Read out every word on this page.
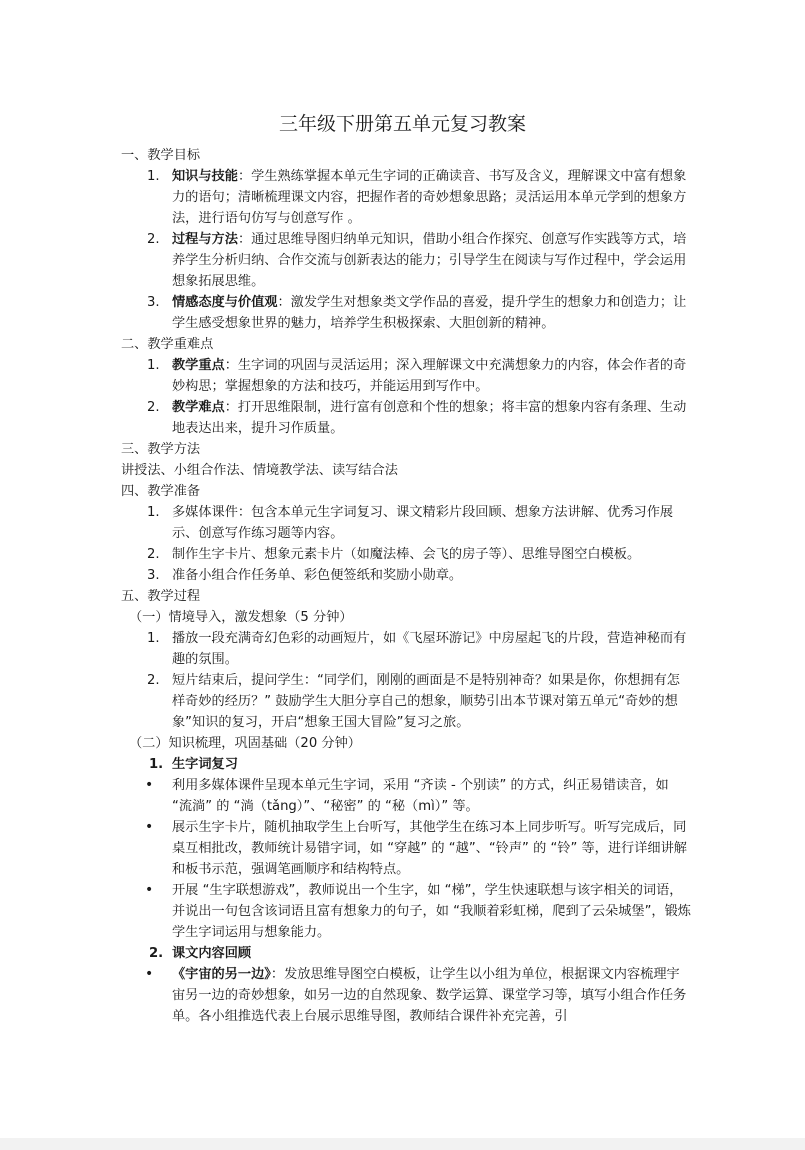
三年级下册第五单元复习教案

一、教学目标

1. 知识与技能：学生熟练掌握本单元生字词的正确读音、书写及含义，理解课文中富有想象力的语句；清晰梳理课文内容，把握作者的奇妙想象思路；灵活运用本单元学到的想象方法，进行语句仿写与创意写作 。
2. 过程与方法：通过思维导图归纳单元知识，借助小组合作探究、创意写作实践等方式，培养学生分析归纳、合作交流与创新表达的能力；引导学生在阅读与写作过程中，学会运用想象拓展思维。
3. 情感态度与价值观：激发学生对想象类文学作品的喜爱，提升学生的想象力和创造力；让学生感受想象世界的魅力，培养学生积极探索、大胆创新的精神。

二、教学重难点

1. 教学重点：生字词的巩固与灵活运用；深入理解课文中充满想象力的内容，体会作者的奇妙构思；掌握想象的方法和技巧，并能运用到写作中。
2. 教学难点：打开思维限制，进行富有创意和个性的想象；将丰富的想象内容有条理、生动地表达出来，提升习作质量。

三、教学方法

讲授法、小组合作法、情境教学法、读写结合法

四、教学准备

1. 多媒体课件：包含本单元生字词复习、课文精彩片段回顾、想象方法讲解、优秀习作展示、创意写作练习题等内容。
2. 制作生字卡片、想象元素卡片（如魔法棒、会飞的房子等）、思维导图空白模板。
3. 准备小组合作任务单、彩色便签纸和奖励小勋章。

五、教学过程

（一）情境导入，激发想象（5 分钟）

1. 播放一段充满奇幻色彩的动画短片，如《飞屋环游记》中房屋起飞的片段，营造神秘而有趣的氛围。
2. 短片结束后，提问学生：“同学们，刚刚的画面是不是特别神奇？如果是你，你想拥有怎样奇妙的经历？” 鼓励学生大胆分享自己的想象，顺势引出本节课对第五单元“奇妙的想象”知识的复习，开启“想象王国大冒险”复习之旅。

（二）知识梳理，巩固基础（20 分钟）

1. 生字词复习
• 利用多媒体课件呈现本单元生字词，采用 “齐读 - 个别读” 的方式，纠正易错读音，如 “流淌” 的 “淌（tǎng）”、“秘密” 的 “秘（mì）” 等。
• 展示生字卡片，随机抽取学生上台听写，其他学生在练习本上同步听写。听写完成后，同桌互相批改，教师统计易错字词，如 “穿越” 的 “越”、“铃声” 的 “铃” 等，进行详细讲解和板书示范，强调笔画顺序和结构特点。
• 开展 “生字联想游戏”，教师说出一个生字，如 “梯”，学生快速联想与该字相关的词语，并说出一句包含该词语且富有想象力的句子，如 “我顺着彩虹梯，爬到了云朵城堡”，锻炼学生字词运用与想象能力。
2. 课文内容回顾
• 《宇宙的另一边》：发放思维导图空白模板，让学生以小组为单位，根据课文内容梳理宇宙另一边的奇妙想象，如另一边的自然现象、数学运算、课堂学习等，填写小组合作任务单。各小组推选代表上台展示思维导图，教师结合课件补充完善，引
